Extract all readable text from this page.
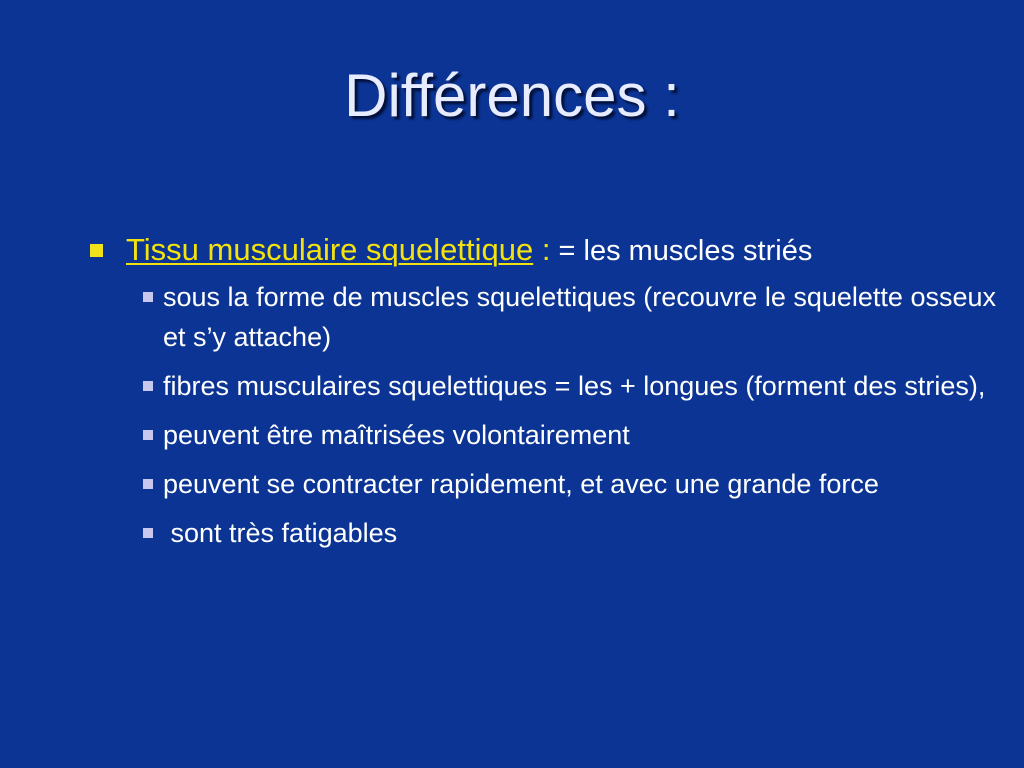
Différences :
Tissu musculaire squelettique : = les muscles striés
sous la forme de muscles squelettiques (recouvre le squelette osseux et s’y attache)
fibres musculaires squelettiques = les + longues (forment des stries),
peuvent être maîtrisées volontairement
peuvent se contracter rapidement, et avec une grande force
sont très fatigables
